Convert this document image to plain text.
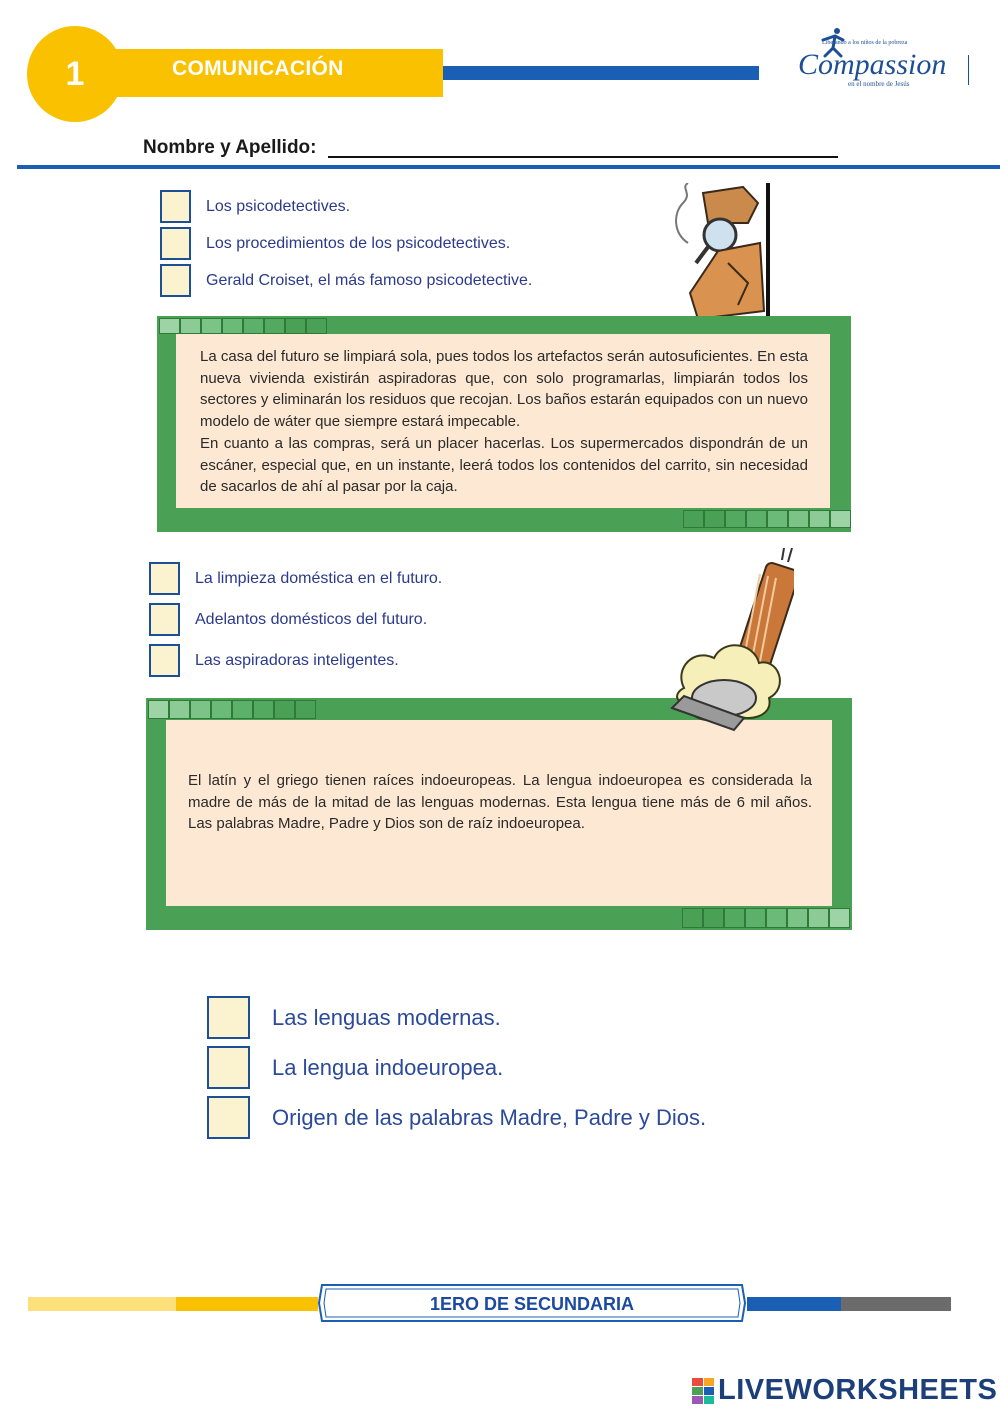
1	COMUNICACIÓN
Liberando a los niños de la pobreza
Compassion
en el nombre de Jesús
Nombre y Apellido:
Los psicodetectives.
Los procedimientos de los psicodetectives.
Gerald Croiset, el más famoso psicodetective.
La casa del futuro se limpiará sola, pues todos los artefactos serán autosuficientes. En esta nueva vivienda existirán aspiradoras que, con solo programarlas, limpiarán todos los sectores y eliminarán los residuos que recojan. Los baños estarán equipados con un nuevo modelo de wáter que siempre estará impecable.
En cuanto a las compras, será un placer hacerlas. Los supermercados dispondrán de un escáner, especial que, en un instante, leerá todos los contenidos del carrito, sin necesidad de sacarlos de ahí al pasar por la caja.
La limpieza doméstica en el futuro.
Adelantos domésticos del futuro.
Las aspiradoras inteligentes.
El latín y el griego tienen raíces indoeuropeas. La lengua indoeuropea es considerada la madre de más de la mitad de las lenguas modernas. Esta lengua tiene más de 6 mil años. Las palabras Madre, Padre y Dios son de raíz indoeuropea.
Las lenguas modernas.
La lengua indoeuropea.
Origen de las palabras Madre, Padre y Dios.
1ERO DE SECUNDARIA
LIVEWORKSHEETS
